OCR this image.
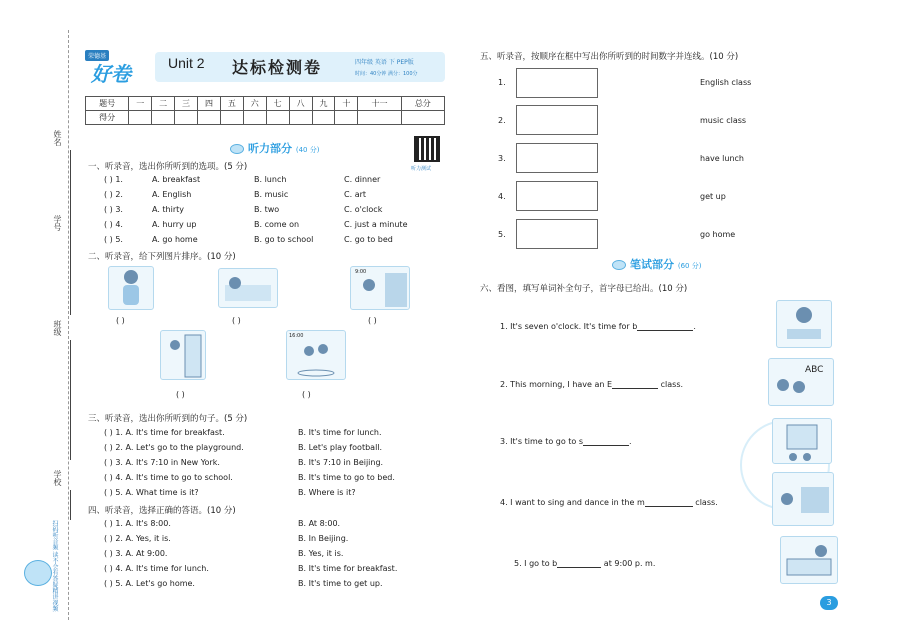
姓名
学号
班级
学校
扫码听音频 读不会有答疑精讲视频
荣德基
好卷	Unit 2 达标检测卷	四年级 英语 下 PEP版
时间：40分钟 满分：100分
题号	一	二	三	四	五	六	七	八	九	十	十一	总分
得分												
听力测试
听力部分 (40 分)
一、听录音，选出你所听到的选项。(5 分)
( ) 1.	A. breakfast	B. lunch	C. dinner
( ) 2.	A. English	B. music	C. art
( ) 3.	A. thirty	B. two	C. o'clock
( ) 4.	A. hurry up	B. come on	C. just a minute
( ) 5.	A. go home	B. go to school	C. go to bed
二、听录音，给下列图片排序。(10 分)
( )	( )
9:00
( )
( )
16:00
( )
三、听录音，选出你所听到的句子。(5 分)
( ) 1. A. It's time for breakfast.	B. It's time for lunch.
( ) 2. A. Let's go to the playground.	B. Let's play football.
( ) 3. A. It's 7:10 in New York.	B. It's 7:10 in Beijing.
( ) 4. A. It's time to go to school.	B. It's time to go to bed.
( ) 5. A. What time is it?	B. Where is it?
四、听录音，选择正确的答语。(10 分)
( ) 1. A. It's 8:00.	B. At 8:00.
( ) 2. A. Yes, it is.	B. In Beijing.
( ) 3. A. At 9:00.	B. Yes, it is.
( ) 4. A. It's time for lunch.	B. It's time for breakfast.
( ) 5. A. Let's go home.	B. It's time to get up.
五、听录音，按顺序在框中写出你所听到的时间数字并连线。(10 分)
1.	English class
2.	music class
3.	have lunch
4.	get up
5.	go home
笔试部分 (60 分)
六、看图，填写单词补全句子，首字母已给出。(10 分)
1. It's seven o'clock. It's time for b	.
2. This morning, I have an E	class.
ABC
3. It's time to go to s	.
4. I want to sing and dance in the m	class.
5. I go to b	at 9:00 p. m.
3
